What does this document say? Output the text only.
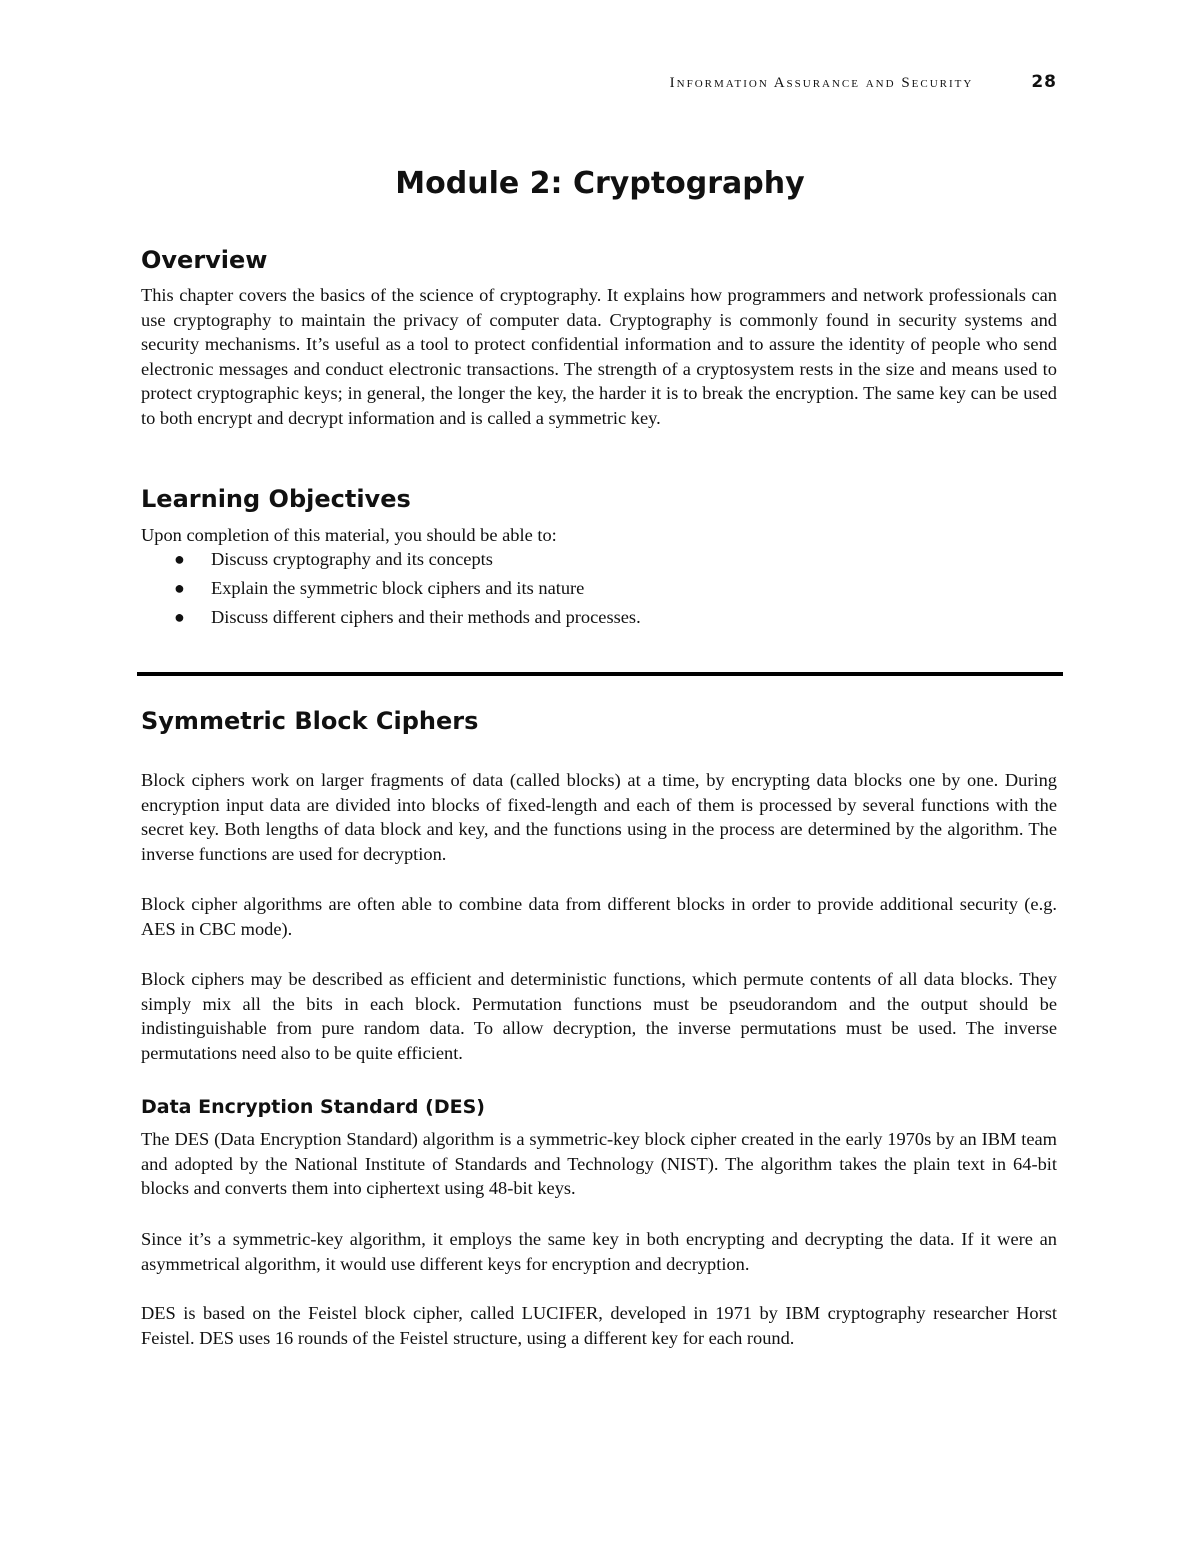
Information Assurance and Security	28
Module 2: Cryptography
Overview

This chapter covers the basics of the science of cryptography. It explains how programmers and network professionals can use cryptography to maintain the privacy of computer data. Cryptography is commonly found in security systems and security mechanisms. It’s useful as a tool to protect confidential information and to assure the identity of people who send electronic messages and conduct electronic transactions. The strength of a cryptosystem rests in the size and means used to protect cryptographic keys; in general, the longer the key, the harder it is to break the encryption. The same key can be used to both encrypt and decrypt information and is called a symmetric key.

Learning Objectives

Upon completion of this material, you should be able to:

● Discuss cryptography and its concepts
● Explain the symmetric block ciphers and its nature
● Discuss different ciphers and their methods and processes.
Symmetric Block Ciphers

Block ciphers work on larger fragments of data (called blocks) at a time, by encrypting data blocks one by one. During encryption input data are divided into blocks of fixed-length and each of them is processed by several functions with the secret key. Both lengths of data block and key, and the functions using in the process are determined by the algorithm. The inverse functions are used for decryption.

Block cipher algorithms are often able to combine data from different blocks in order to provide additional security (e.g. AES in CBC mode).

Block ciphers may be described as efficient and deterministic functions, which permute contents of all data blocks. They simply mix all the bits in each block. Permutation functions must be pseudorandom and the output should be indistinguishable from pure random data. To allow decryption, the inverse permutations must be used. The inverse permutations need also to be quite efficient.

Data Encryption Standard (DES)

The DES (Data Encryption Standard) algorithm is a symmetric-key block cipher created in the early 1970s by an IBM team and adopted by the National Institute of Standards and Technology (NIST). The algorithm takes the plain text in 64-bit blocks and converts them into ciphertext using 48-bit keys.

Since it’s a symmetric-key algorithm, it employs the same key in both encrypting and decrypting the data. If it were an asymmetrical algorithm, it would use different keys for encryption and decryption.

DES is based on the Feistel block cipher, called LUCIFER, developed in 1971 by IBM cryptography researcher Horst Feistel. DES uses 16 rounds of the Feistel structure, using a different key for each round.
